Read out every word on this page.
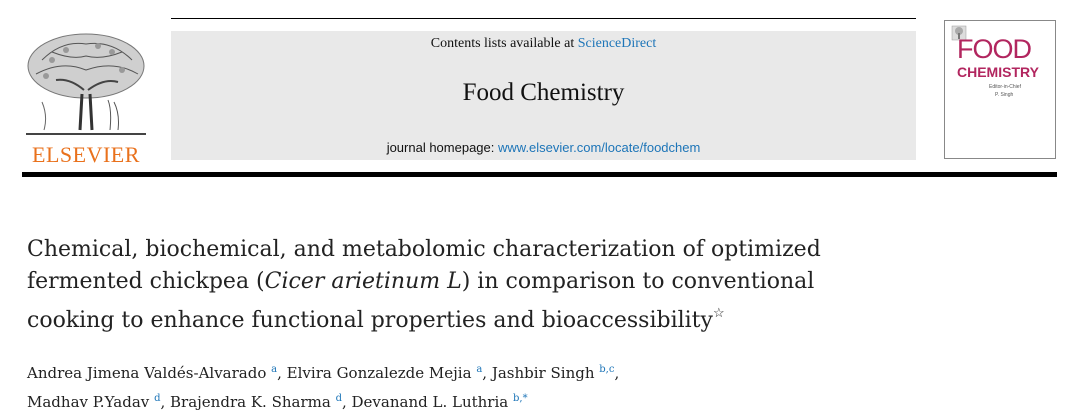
ELSEVIER
Contents lists available at ScienceDirect
Food Chemistry
journal homepage: www.elsevier.com/locate/foodchem
FOOD
CHEMISTRY
Editor-in-Chief
P. Singh
Chemical, biochemical, and metabolomic characterization of optimized
fermented chickpea (Cicer arietinum L) in comparison to conventional
cooking to enhance functional properties and bioaccessibility☆
Andrea Jimena Valdés-Alvarado $^a$, Elvira Gonzalezde Mejia $^a$, Jashbir Singh $^{b,c}$,
Madhav P.Yadav $^d$, Brajendra K. Sharma $^d$, Devanand L. Luthria $^{b,*}$
